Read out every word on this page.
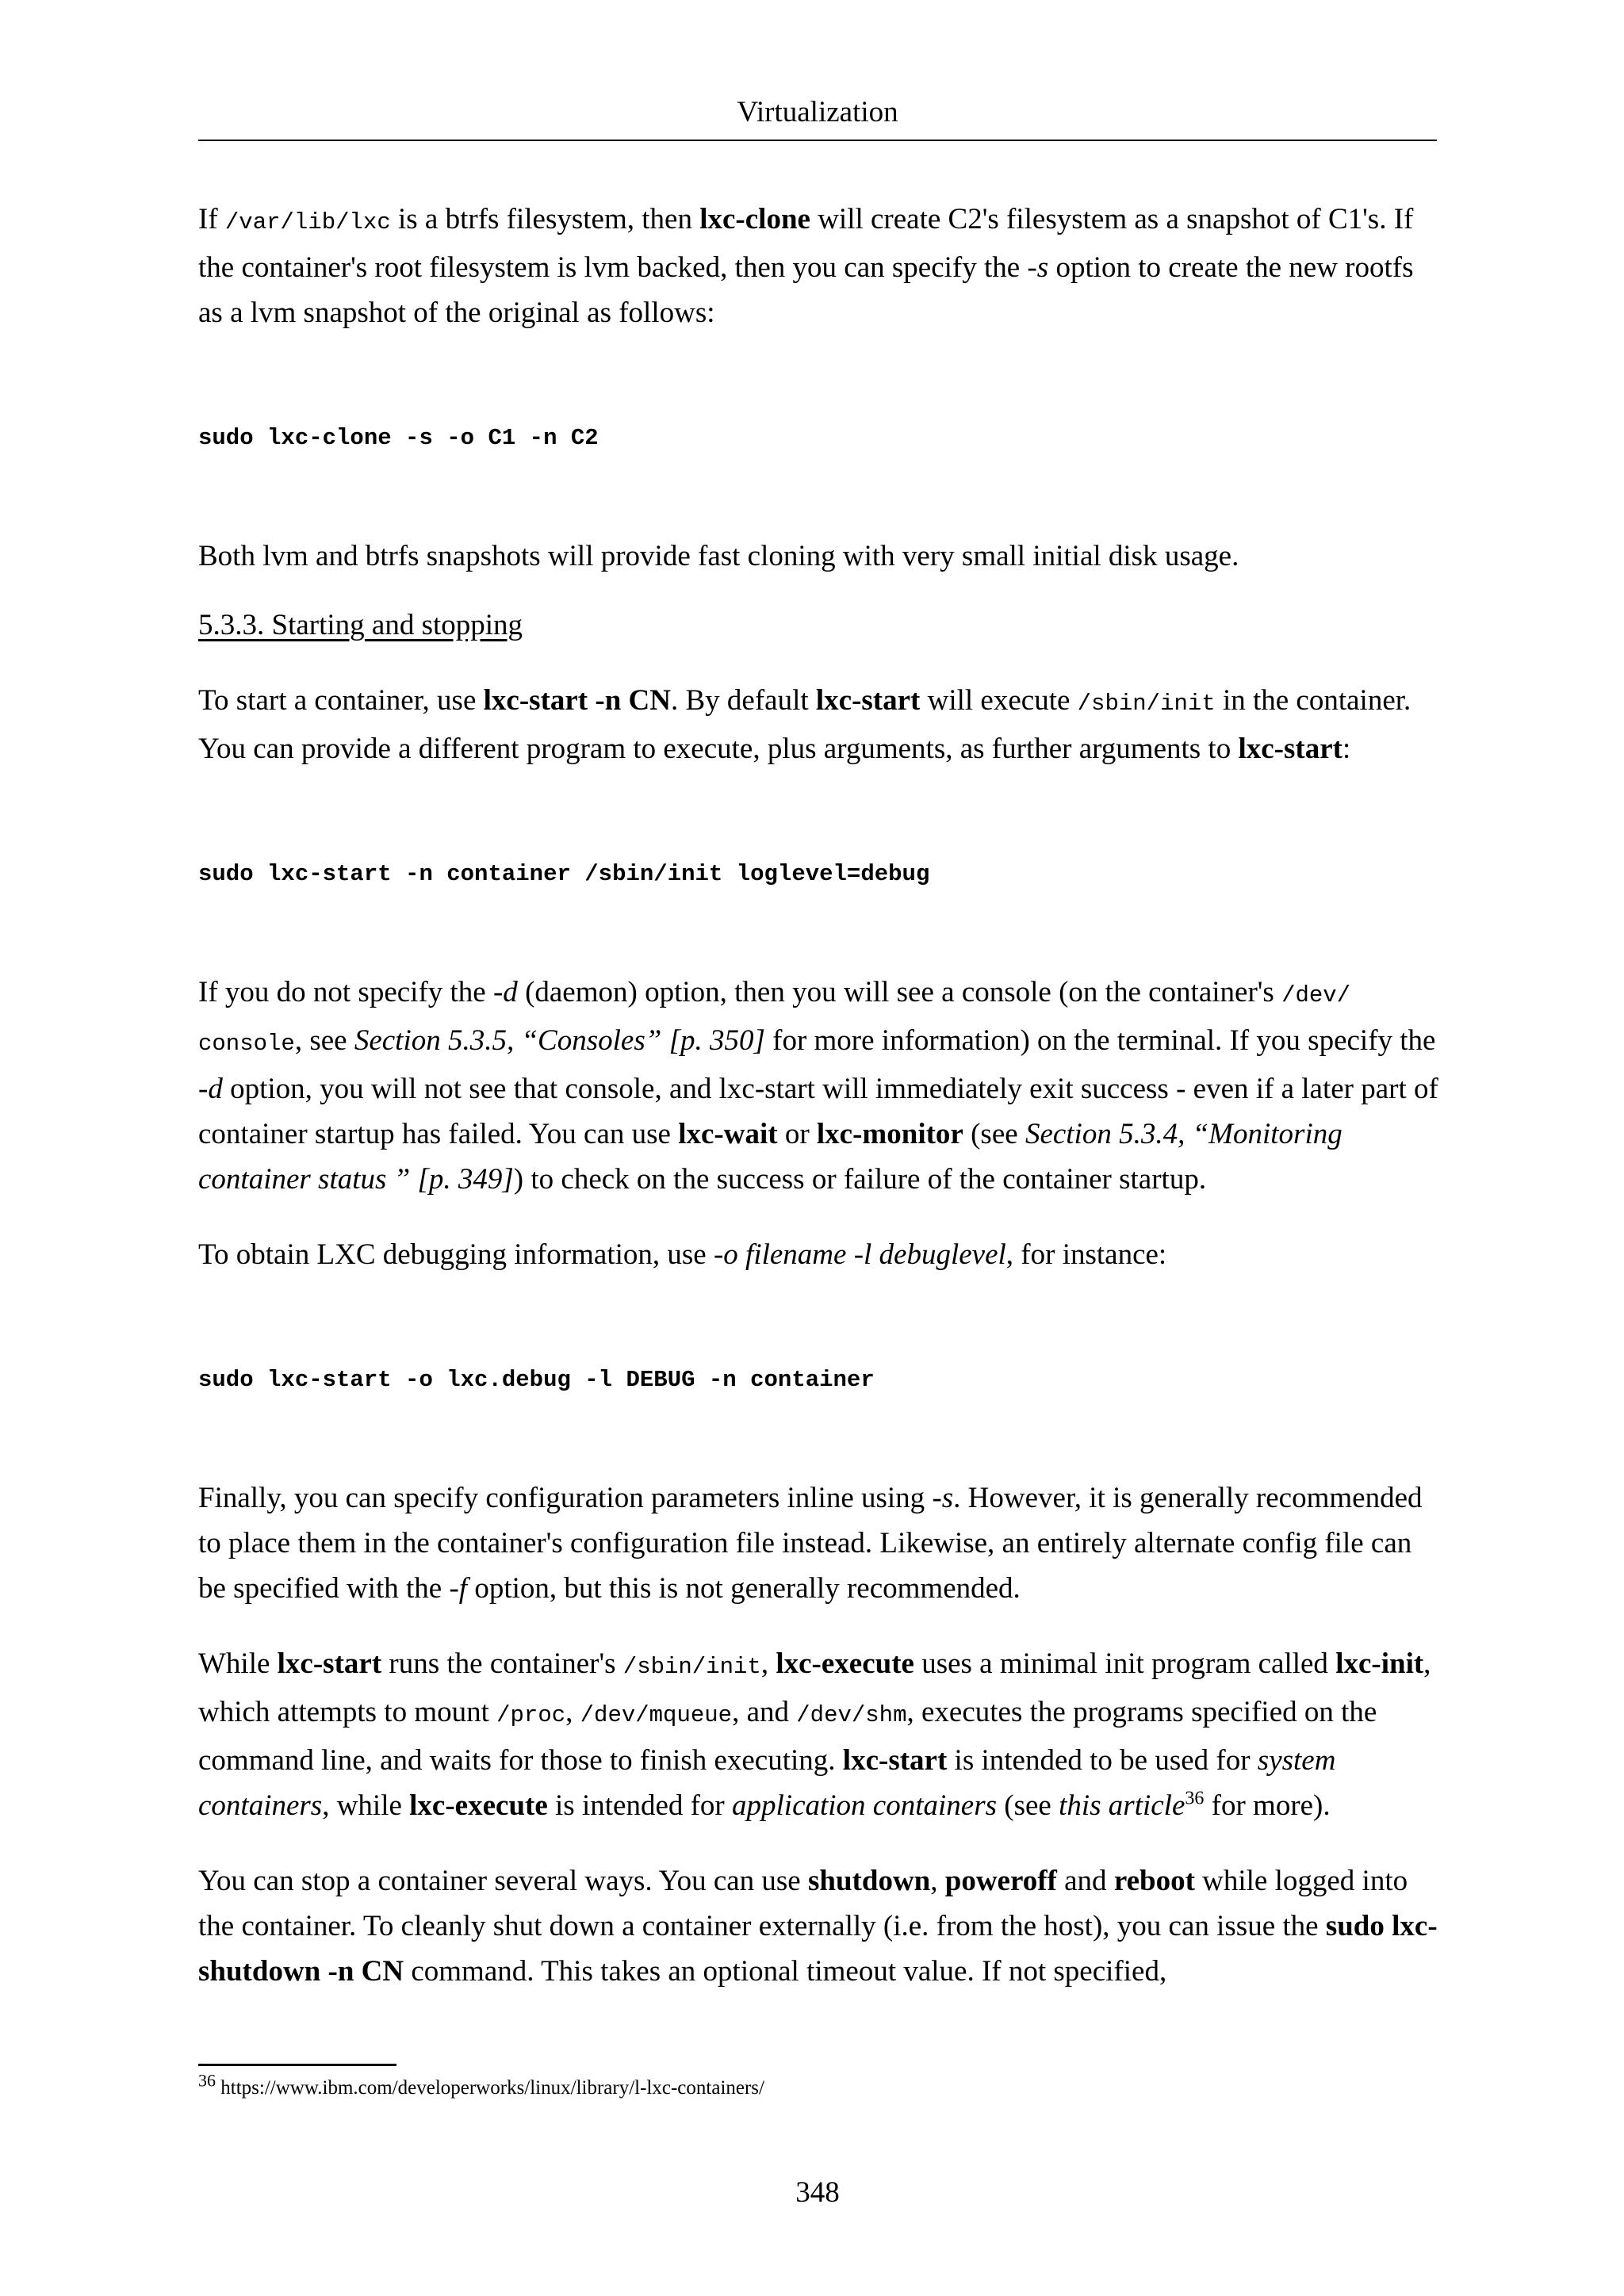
Virtualization

If /var/lib/lxc is a btrfs filesystem, then lxc-clone will create C2's filesystem as a snapshot of C1's. If the container's root filesystem is lvm backed, then you can specify the -s option to create the new rootfs as a lvm snapshot of the original as follows:

sudo lxc-clone -s -o C1 -n C2

Both lvm and btrfs snapshots will provide fast cloning with very small initial disk usage.

5.3.3. Starting and stopping

To start a container, use lxc-start -n CN. By default lxc-start will execute /sbin/init in the container. You can provide a different program to execute, plus arguments, as further arguments to lxc-start:

sudo lxc-start -n container /sbin/init loglevel=debug

If you do not specify the -d (daemon) option, then you will see a console (on the container's /dev/ console, see Section 5.3.5, “Consoles” [p. 350] for more information) on the terminal. If you specify the -d option, you will not see that console, and lxc-start will immediately exit success - even if a later part of container startup has failed. You can use lxc-wait or lxc-monitor (see Section 5.3.4, “Monitoring container status ” [p. 349]) to check on the success or failure of the container startup.

To obtain LXC debugging information, use -o filename -l debuglevel, for instance:

sudo lxc-start -o lxc.debug -l DEBUG -n container

Finally, you can specify configuration parameters inline using -s. However, it is generally recommended to place them in the container's configuration file instead. Likewise, an entirely alternate config file can be specified with the -f option, but this is not generally recommended.

While lxc-start runs the container's /sbin/init, lxc-execute uses a minimal init program called lxc-init, which attempts to mount /proc, /dev/mqueue, and /dev/shm, executes the programs specified on the command line, and waits for those to finish executing. lxc-start is intended to be used for system containers, while lxc-execute is intended for application containers (see this article$^{36}$ for more).

You can stop a container several ways. You can use shutdown, poweroff and reboot while logged into the container. To cleanly shut down a container externally (i.e. from the host), you can issue the sudo lxc-shutdown -n CN command. This takes an optional timeout value. If not specified,

$^{36}$ https://www.ibm.com/developerworks/linux/library/l-lxc-containers/
348
